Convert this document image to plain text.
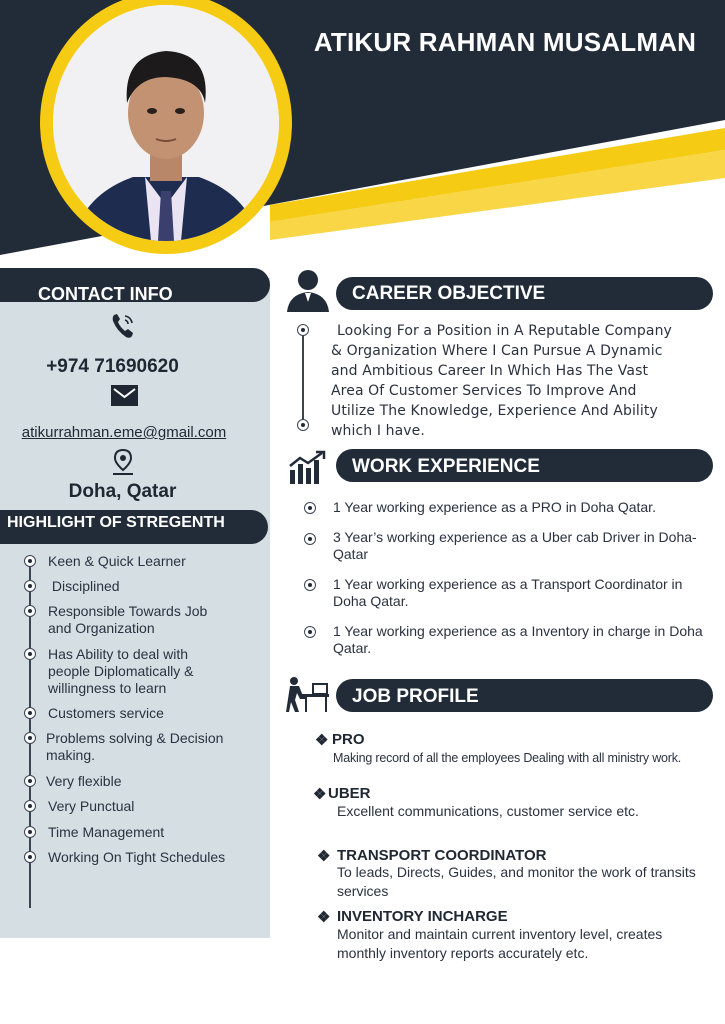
ATIKUR RAHMAN MUSALMAN
CONTACT INFO
+974 71690620
atikurrahman.eme@gmail.com
Doha, Qatar
HIGHLIGHT OF STREGENTH
Keen & Quick Learner
Disciplined
Responsible Towards Job and Organization
Has Ability to deal with people Diplomatically & willingness to learn
Customers service
Problems solving & Decision making.
Very flexible
Very Punctual
Time Management
Working On Tight Schedules
CAREER OBJECTIVE
Looking For a Position in A Reputable Company & Organization Where I Can Pursue A Dynamic and Ambitious Career In Which Has The Vast Area Of Customer Services To Improve And Utilize The Knowledge, Experience And Ability which I have.
WORK EXPERIENCE
1 Year working experience as a PRO in Doha Qatar.
3 Year’s working experience as a Uber cab Driver in Doha-Qatar
1 Year working experience as a Transport Coordinator in Doha Qatar.
1 Year working experience as a Inventory in charge in Doha Qatar.
JOB PROFILE
❖ PRO
Making record of all the employees Dealing with all ministry work.
❖ UBER
Excellent communications, customer service etc.
❖ TRANSPORT COORDINATOR
To leads, Directs, Guides, and monitor the work of transits services
❖ INVENTORY INCHARGE
Monitor and maintain current inventory level, creates monthly inventory reports accurately etc.
